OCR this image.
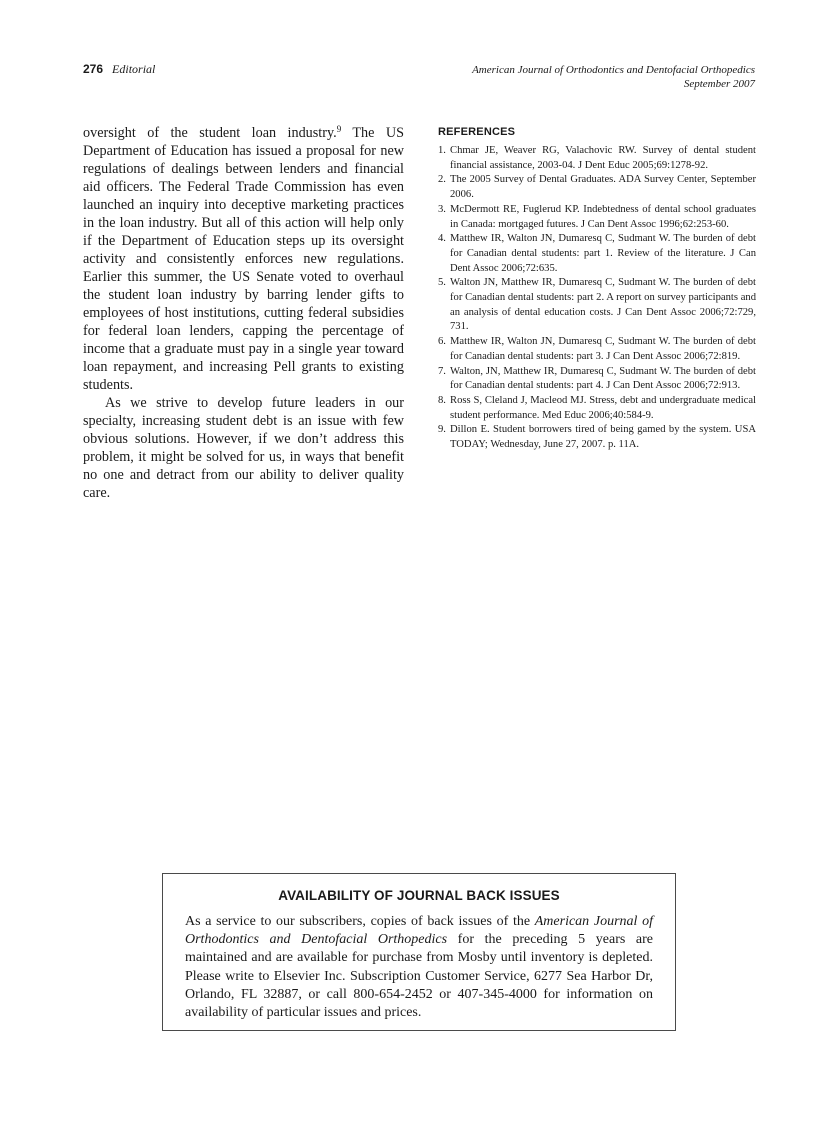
276 Editorial	American Journal of Orthodontics and Dentofacial Orthopedics
September 2007

oversight of the student loan industry.$^9$ The US Department of Education has issued a proposal for new regulations of dealings between lenders and financial aid officers. The Federal Trade Commission has even launched an inquiry into deceptive marketing practices in the loan industry. But all of this action will help only if the Department of Education steps up its oversight activity and consistently enforces new regulations. Earlier this summer, the US Senate voted to overhaul the student loan industry by barring lender gifts to employees of host institutions, cutting federal subsidies for federal loan lenders, capping the percentage of income that a graduate must pay in a single year toward loan repayment, and increasing Pell grants to existing students.

As we strive to develop future leaders in our specialty, increasing student debt is an issue with few obvious solutions. However, if we don’t address this problem, it might be solved for us, in ways that benefit no one and detract from our ability to deliver quality care.

REFERENCES
1. Chmar JE, Weaver RG, Valachovic RW. Survey of dental student financial assistance, 2003-04. J Dent Educ 2005;69:1278-92.
2. The 2005 Survey of Dental Graduates. ADA Survey Center, September 2006.
3. McDermott RE, Fuglerud KP. Indebtedness of dental school graduates in Canada: mortgaged futures. J Can Dent Assoc 1996;62:253-60.
4. Matthew IR, Walton JN, Dumaresq C, Sudmant W. The burden of debt for Canadian dental students: part 1. Review of the literature. J Can Dent Assoc 2006;72:635.
5. Walton JN, Matthew IR, Dumaresq C, Sudmant W. The burden of debt for Canadian dental students: part 2. A report on survey participants and an analysis of dental education costs. J Can Dent Assoc 2006;72:729, 731.
6. Matthew IR, Walton JN, Dumaresq C, Sudmant W. The burden of debt for Canadian dental students: part 3. J Can Dent Assoc 2006;72:819.
7. Walton, JN, Matthew IR, Dumaresq C, Sudmant W. The burden of debt for Canadian dental students: part 4. J Can Dent Assoc 2006;72:913.
8. Ross S, Cleland J, Macleod MJ. Stress, debt and undergraduate medical student performance. Med Educ 2006;40:584-9.
9. Dillon E. Student borrowers tired of being gamed by the system. USA TODAY; Wednesday, June 27, 2007. p. 11A.
AVAILABILITY OF JOURNAL BACK ISSUES
As a service to our subscribers, copies of back issues of the American Journal of Orthodontics and Dentofacial Orthopedics for the preceding 5 years are maintained and are available for purchase from Mosby until inventory is depleted. Please write to Elsevier Inc. Subscription Customer Service, 6277 Sea Harbor Dr, Orlando, FL 32887, or call 800-654-2452 or 407-345-4000 for information on availability of particular issues and prices.
